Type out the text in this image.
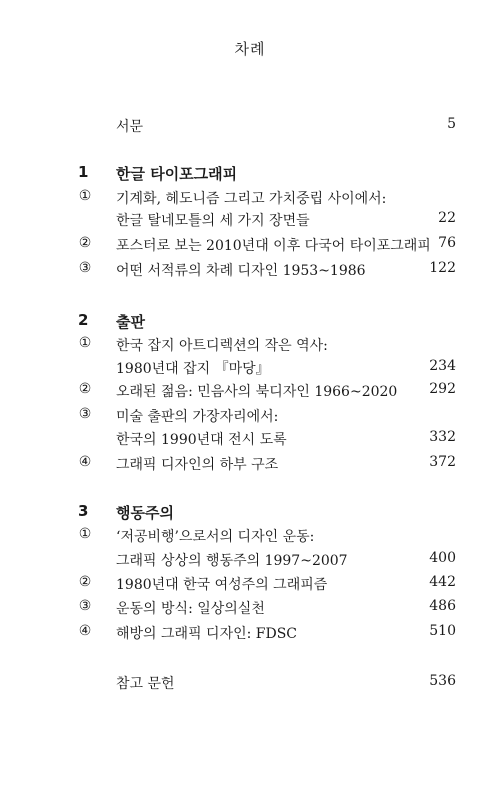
차례
서문	5
1 한글 타이포그래피
①	기계화, 헤도니즘 그리고 가치중립 사이에서:
한글 탈네모틀의 세 가지 장면들	22
②	포스터로 보는 2010년대 이후 다국어 타이포그래피 76
③	어떤 서적류의 차례 디자인 1953~1986	122
2 출판
①	한국 잡지 아트디렉션의 작은 역사:
1980년대 잡지 『마당』	234
②	오래된 젊음: 민음사의 북디자인 1966~2020 292
③	미술 출판의 가장자리에서:
한국의 1990년대 전시 도록	332
④	그래픽 디자인의 하부 구조	372
3 행동주의
①	‘저공비행’으로서의 디자인 운동:
그래픽 상상의 행동주의 1997~2007	400
②	1980년대 한국 여성주의 그래피즘	442
③	운동의 방식: 일상의실천	486
④	해방의 그래픽 디자인: FDSC	510
참고 문헌	536
